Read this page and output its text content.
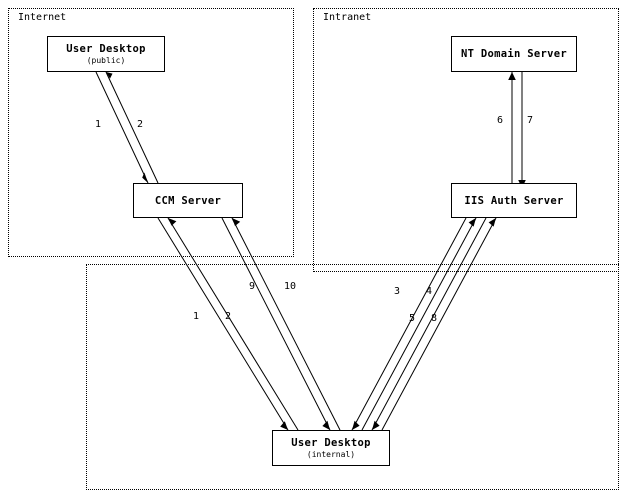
Internet	Intranet
User Desktop
(public)
CCM Server
NT Domain Server
IIS Auth Server
User Desktop
(internal)
1	2	6 7
9	10	3	4
1	2	5 8
